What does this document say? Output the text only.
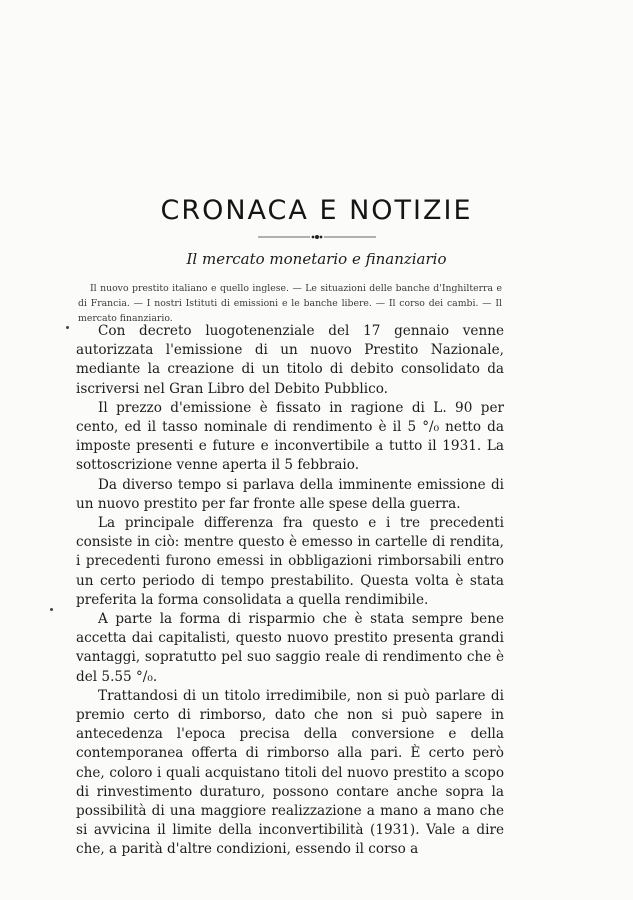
CRONACA E NOTIZIE
Il mercato monetario e finanziario
Il nuovo prestito italiano e quello inglese. — Le situazioni delle banche d'Inghilterra e di Francia. — I nostri Istituti di emissioni e le banche libere. — Il corso dei cambi. — Il mercato finanziario.

Con decreto luogotenenziale del 17 gennaio venne autorizzata l'emissione di un nuovo Prestito Nazionale, mediante la creazione di un titolo di debito consolidato da iscriversi nel Gran Libro del Debito Pubblico.

Il prezzo d'emissione è fissato in ragione di L. 90 per cento, ed il tasso nominale di rendimento è il 5 °/₀ netto da imposte presenti e future e inconvertibile a tutto il 1931. La sottoscrizione venne aperta il 5 febbraio.

Da diverso tempo si parlava della imminente emissione di un nuovo prestito per far fronte alle spese della guerra.

La principale differenza fra questo e i tre precedenti consiste in ciò: mentre questo è emesso in cartelle di rendita, i precedenti furono emessi in obbligazioni rimborsabili entro un certo periodo di tempo prestabilito. Questa volta è stata preferita la forma consolidata a quella rendimibile.

A parte la forma di risparmio che è stata sempre bene accetta dai capitalisti, questo nuovo prestito presenta grandi vantaggi, sopratutto pel suo saggio reale di rendimento che è del 5.55 °/₀.

Trattandosi di un titolo irredimibile, non si può parlare di premio certo di rimborso, dato che non si può sapere in antecedenza l'epoca precisa della conversione e della contemporanea offerta di rimborso alla pari. È certo però che, coloro i quali acquistano titoli del nuovo prestito a scopo di rinvestimento duraturo, possono contare anche sopra la possibilità di una maggiore realizzazione a mano a mano che si avvicina il limite della inconvertibilità (1931). Vale a dire che, a parità d'altre condizioni, essendo il corso a
